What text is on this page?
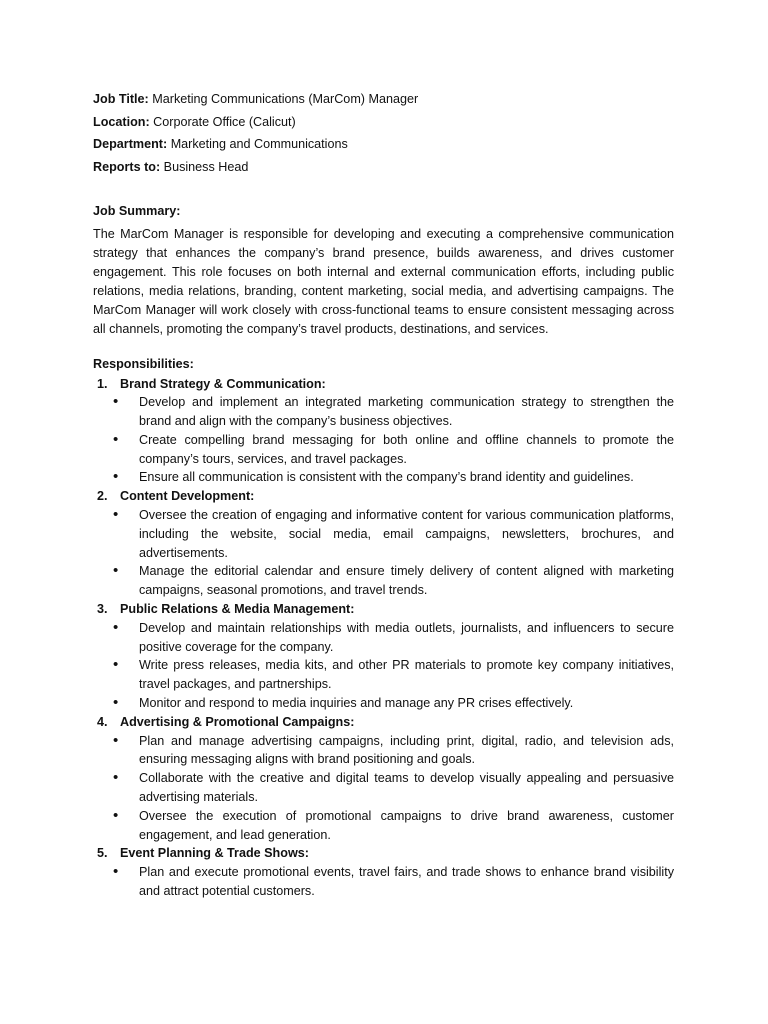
Job Title: Marketing Communications (MarCom) Manager

Location: Corporate Office (Calicut)

Department: Marketing and Communications

Reports to: Business Head

Job Summary:

The MarCom Manager is responsible for developing and executing a comprehensive communication strategy that enhances the company’s brand presence, builds awareness, and drives customer engagement. This role focuses on both internal and external communication efforts, including public relations, media relations, branding, content marketing, social media, and advertising campaigns. The MarCom Manager will work closely with cross-functional teams to ensure consistent messaging across all channels, promoting the company’s travel products, destinations, and services.

Responsibilities:

1. Brand Strategy & Communication:
•	Develop and implement an integrated marketing communication strategy to strengthen the brand and align with the company’s business objectives.
•	Create compelling brand messaging for both online and offline channels to promote the company’s tours, services, and travel packages.
•	Ensure all communication is consistent with the company’s brand identity and guidelines.
2. Content Development:
•	Oversee the creation of engaging and informative content for various communication platforms, including the website, social media, email campaigns, newsletters, brochures, and advertisements.
•	Manage the editorial calendar and ensure timely delivery of content aligned with marketing campaigns, seasonal promotions, and travel trends.
3. Public Relations & Media Management:
•	Develop and maintain relationships with media outlets, journalists, and influencers to secure positive coverage for the company.
•	Write press releases, media kits, and other PR materials to promote key company initiatives, travel packages, and partnerships.
•	Monitor and respond to media inquiries and manage any PR crises effectively.
4. Advertising & Promotional Campaigns:
•	Plan and manage advertising campaigns, including print, digital, radio, and television ads, ensuring messaging aligns with brand positioning and goals.
•	Collaborate with the creative and digital teams to develop visually appealing and persuasive advertising materials.
•	Oversee the execution of promotional campaigns to drive brand awareness, customer engagement, and lead generation.
5. Event Planning & Trade Shows:
•	Plan and execute promotional events, travel fairs, and trade shows to enhance brand visibility and attract potential customers.
